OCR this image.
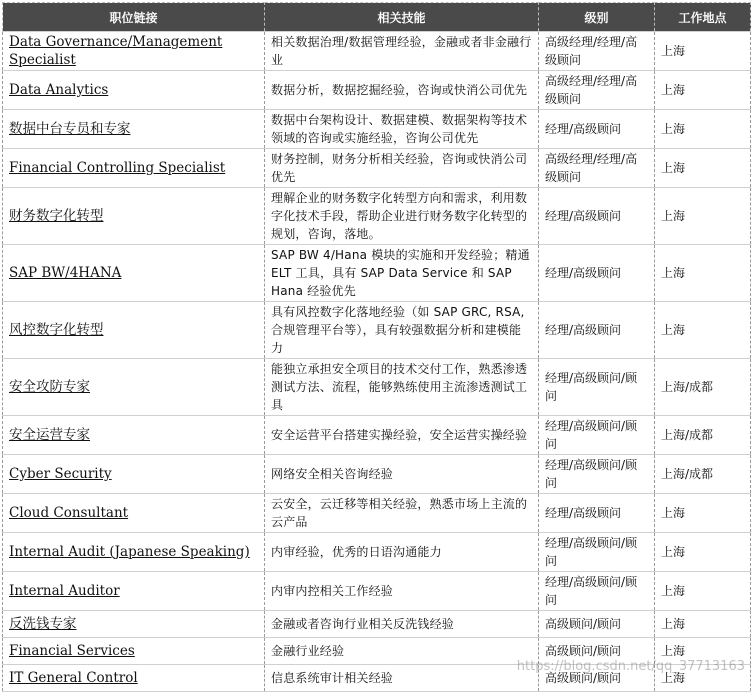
职位链接	相关技能	级别	工作地点
Data Governance/Management Specialist	相关数据治理/数据管理经验，金融或者非金融行业	高级经理/经理/高级顾问	上海
Data Analytics	数据分析，数据挖掘经验，咨询或快消公司优先	高级经理/经理/高级顾问	上海
数据中台专员和专家	数据中台架构设计、数据建模、数据架构等技术领域的咨询或实施经验，咨询公司优先	经理/高级顾问	上海
Financial Controlling Specialist	财务控制，财务分析相关经验，咨询或快消公司优先	高级经理/经理/高级顾问	上海
财务数字化转型	理解企业的财务数字化转型方向和需求，利用数字化技术手段，帮助企业进行财务数字化转型的规划，咨询，落地。	经理/高级顾问	上海
SAP BW/4HANA	SAP BW 4/Hana 模块的实施和开发经验；精通 ELT 工具，具有 SAP Data Service 和 SAP Hana 经验优先	经理/高级顾问	上海
风控数字化转型	具有风控数字化落地经验（如 SAP GRC, RSA, 合规管理平台等），具有较强数据分析和建模能力	经理/高级顾问	上海
安全攻防专家	能独立承担安全项目的技术交付工作，熟悉渗透测试方法、流程，能够熟练使用主流渗透测试工具	经理/高级顾问/顾问	上海/成都
安全运营专家	安全运营平台搭建实操经验，安全运营实操经验	经理/高级顾问/顾问	上海/成都
Cyber Security	网络安全相关咨询经验	经理/高级顾问/顾问	上海/成都
Cloud Consultant	云安全，云迁移等相关经验，熟悉市场上主流的云产品	经理/高级顾问	上海
Internal Audit (Japanese Speaking)	内审经验，优秀的日语沟通能力	经理/高级顾问/顾问	上海
Internal Auditor	内审内控相关工作经验	经理/高级顾问/顾问	上海
反洗钱专家	金融或者咨询行业相关反洗钱经验	高级顾问/顾问	上海
Financial Services	金融行业经验	高级顾问/顾问	上海
IT General Control	信息系统审计相关经验	高级顾问/顾问	上海
https://blog.csdn.net/qq_37713163
